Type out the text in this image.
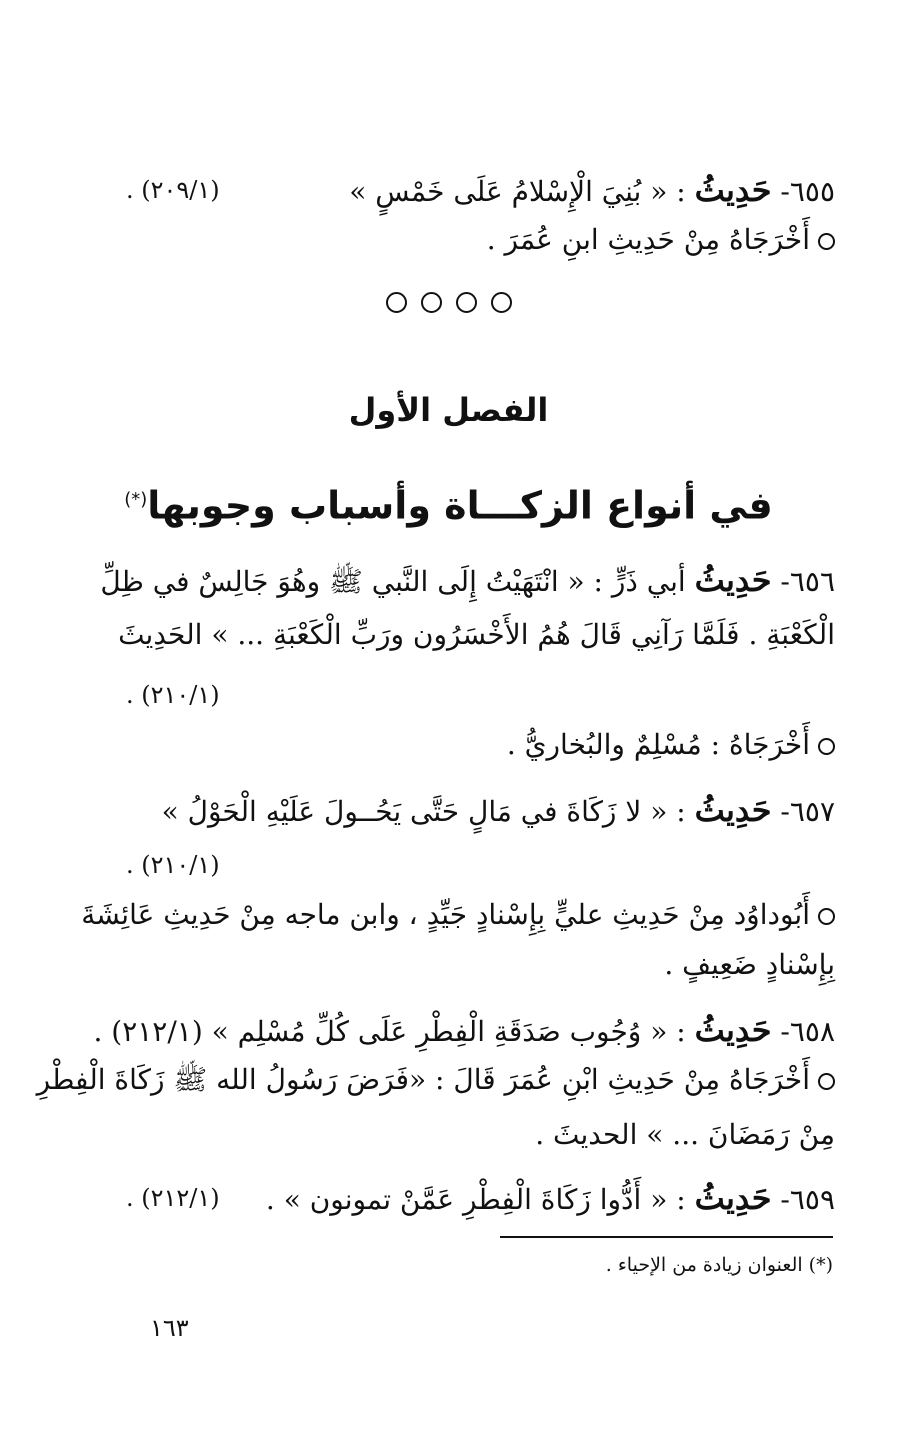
٦٥٥- حَدِيثُ : « بُنِيَ الْإِسْلامُ عَلَى خَمْسٍ »
(٢٠٩/١) .
أَخْرَجَاهُ مِنْ حَدِيثِ ابنِ عُمَرَ .
الفصل الأول
في أنواع الزكـــاة وأسباب وجوبها(*)
٦٥٦- حَدِيثُ أبي ذَرٍّ : « انْتَهَيْتُ إِلَى النَّبي ﷺ وهُوَ جَالِسٌ في ظِلِّ
الْكَعْبَةِ . فَلَمَّا رَآنِي قَالَ هُمُ الأَخْسَرُون ورَبِّ الْكَعْبَةِ ... » الحَدِيثَ
(٢١٠/١) .
أَخْرَجَاهُ : مُسْلِمٌ والبُخاريُّ .
٦٥٧- حَدِيثُ : « لا زَكَاةَ في مَالٍ حَتَّى يَحُــولَ عَلَيْهِ الْحَوْلُ »
(٢١٠/١) .
أَبُوداوُد مِنْ حَدِيثِ عليٍّ بِإِسْنادٍ جَيِّدٍ ، وابن ماجه مِنْ حَدِيثِ عَائِشَةَ
بِإِسْنادٍ ضَعِيفٍ .
٦٥٨- حَدِيثُ : « وُجُوب صَدَقَةِ الْفِطْرِ عَلَى كُلِّ مُسْلِم » (٢١٢/١) .
أَخْرَجَاهُ مِنْ حَدِيثِ ابْنِ عُمَرَ قَالَ : «فَرَضَ رَسُولُ الله ﷺ زَكَاةَ الْفِطْرِ
مِنْ رَمَضَانَ ... » الحديثَ .
٦٥٩- حَدِيثُ : « أَدُّوا زَكَاةَ الْفِطْرِ عَمَّنْ تمونون » .
(٢١٢/١) .
(*) العنوان زيادة من الإحياء .
١٦٣
